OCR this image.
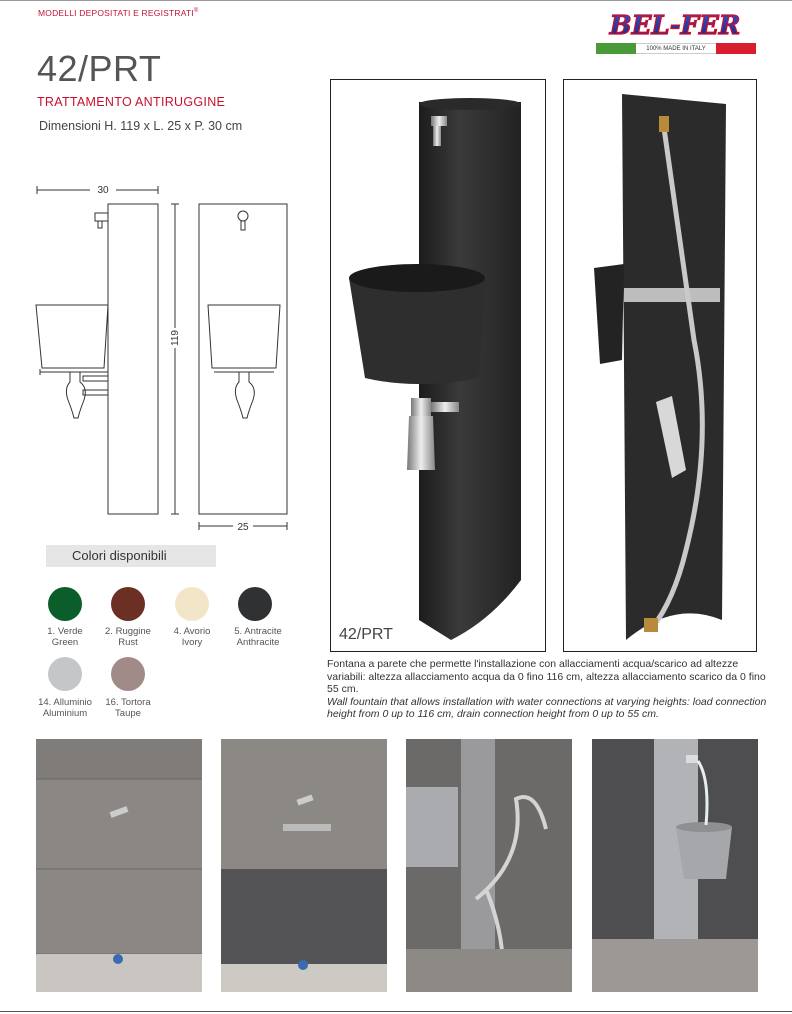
MODELLI DEPOSITATI E REGISTRATI®
42/PRT
TRATTAMENTO ANTIRUGGINE
Dimensioni H. 119 x L. 25 x P. 30 cm
BEL-FER
100% MADE IN ITALY
30
119
25
Colori disponibili
1. Verde
Green
2. Ruggine
Rust
4. Avorio
Ivory
5. Antracite
Anthracite
14. Alluminio
Aluminium
16. Tortora
Taupe
42/PRT
Fontana a parete che permette l'installazione con allacciamenti acqua/scarico ad altezze variabili: altezza allacciamento acqua da 0 fino 116 cm, altezza allacciamento scarico da 0 fino 55 cm.
Wall fountain that allows installation with water connections at varying heights: load connection height from 0 up to 116 cm, drain connection height from 0 up to 55 cm.
